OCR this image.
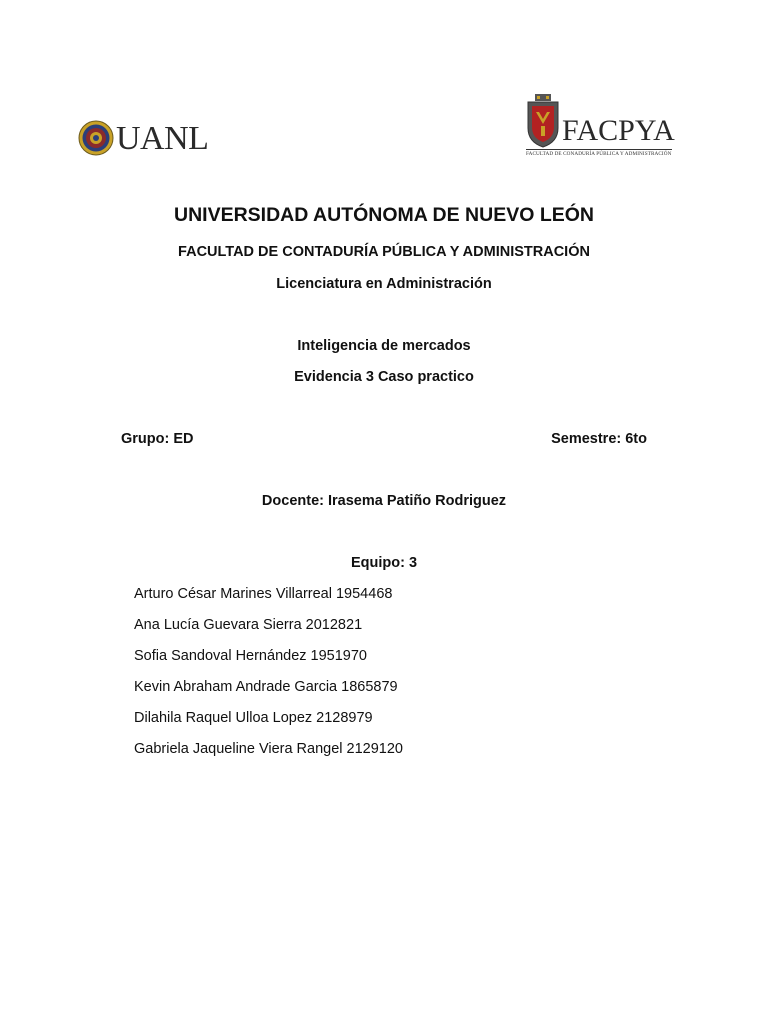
UANL	FACPYA
FACULTAD DE CONADURÍA PÚBLICA Y ADMINISTRACIÓN
UNIVERSIDAD AUTÓNOMA DE NUEVO LEÓN
FACULTAD DE CONTADURÍA PÚBLICA Y ADMINISTRACIÓN
Licenciatura en Administración
Inteligencia de mercados
Evidencia 3 Caso practico
Grupo: ED	Semestre: 6to
Docente: Irasema Patiño Rodriguez
Equipo: 3
Arturo César Marines Villarreal 1954468
Ana Lucía Guevara Sierra 2012821
Sofia Sandoval Hernández 1951970
Kevin Abraham Andrade Garcia 1865879
Dilahila Raquel Ulloa Lopez 2128979
Gabriela Jaqueline Viera Rangel 2129120
